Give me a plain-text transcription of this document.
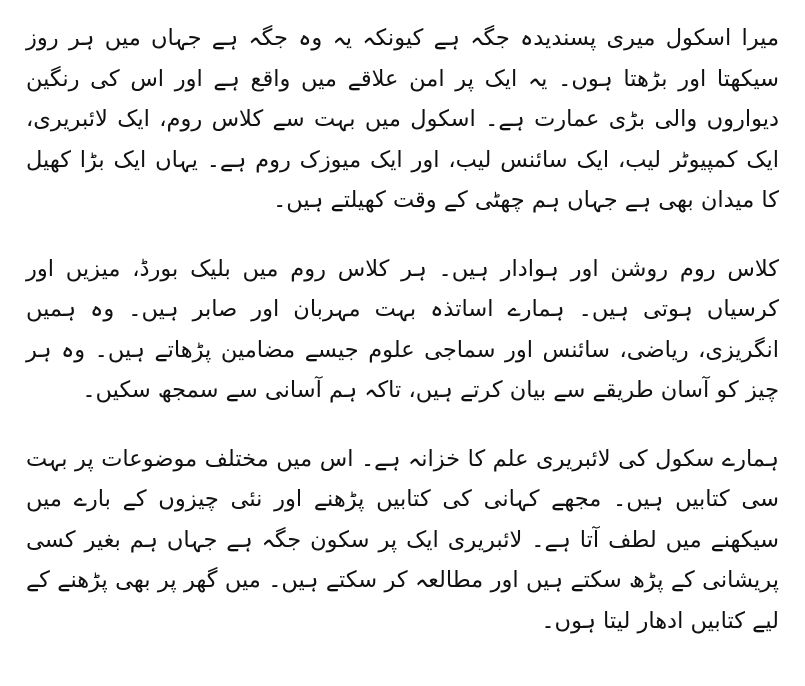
میرا اسکول میری پسندیدہ جگہ ہے کیونکہ یہ وہ جگہ ہے جہاں میں ہر روز سیکھتا اور بڑھتا ہوں۔ یہ ایک پر امن علاقے میں واقع ہے اور اس کی رنگین دیواروں والی بڑی عمارت ہے۔ اسکول میں بہت سے کلاس روم، ایک لائبریری، ایک کمپیوٹر لیب، ایک سائنس لیب، اور ایک میوزک روم ہے۔ یہاں ایک بڑا کھیل کا میدان بھی ہے جہاں ہم چھٹی کے وقت کھیلتے ہیں۔

کلاس روم روشن اور ہوادار ہیں۔ ہر کلاس روم میں بلیک بورڈ، میزیں اور کرسیاں ہوتی ہیں۔ ہمارے اساتذہ بہت مہربان اور صابر ہیں۔ وہ ہمیں انگریزی، ریاضی، سائنس اور سماجی علوم جیسے مضامین پڑھاتے ہیں۔ وہ ہر چیز کو آسان طریقے سے بیان کرتے ہیں، تاکہ ہم آسانی سے سمجھ سکیں۔

ہمارے سکول کی لائبریری علم کا خزانہ ہے۔ اس میں مختلف موضوعات پر بہت سی کتابیں ہیں۔ مجھے کہانی کی کتابیں پڑھنے اور نئی چیزوں کے بارے میں سیکھنے میں لطف آتا ہے۔ لائبریری ایک پر سکون جگہ ہے جہاں ہم بغیر کسی پریشانی کے پڑھ سکتے ہیں اور مطالعہ کر سکتے ہیں۔ میں گھر پر بھی پڑھنے کے لیے کتابیں ادھار لیتا ہوں۔
